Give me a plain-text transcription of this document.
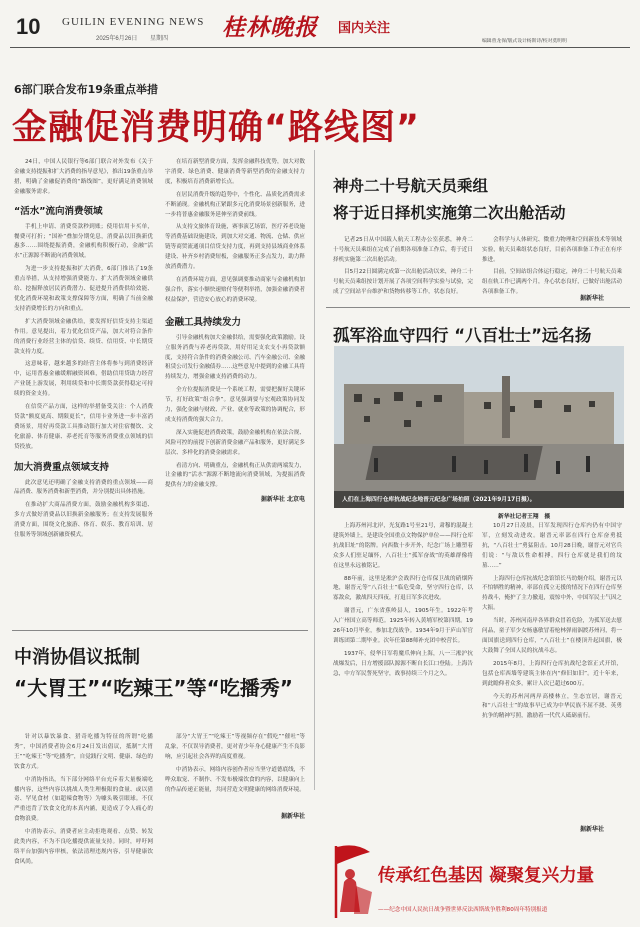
10 GUILIN EVENING NEWS
2025年6月26日 星期四 桂林晚报 国内关注
编辑曾龙保/版式设计杨斯诗/校对莫明明
6部门联合发布19条重点举措
金融促消费明确“路线图”

24日，中国人民银行等6部门联合对外发布《关于金融支持提振和扩大消费的指导意见》，推出19条重点举措，明确了金融促消费的“路线图”，更好满足消费领域金融服务需求。

“活水”流向消费领域

手机上申请、消费贷款秒到账；使用信用卡买单，餐费可打折；“国补”叠加分期免息，消费品以旧换新优惠多……围绕提振消费，金融机构积极行动，金融“活水”正源源不断流向消费领域。

为进一步支持提振和扩大消费，6部门推出了19条重点举措，从支持增强消费能力、扩大消费领域金融供给、挖掘释放居民消费潜力、促进提升消费供给效能、优化消费环境和政策支撑保障等方面，明确了当前金融支持消费增长的方向和重点。

扩大消费领域金融供给，要发挥好信贷支持主渠道作用。意见提出，着力优化信贷产品，加大对符合条件的消费行业经营主体的信贷、续贷、信用贷、中长期贷款支持力度。

这意味着，越来越多的经营主体将参与到消费经济中，运用普惠金融缓解融资困难，借助信用贷助力经营产业链上游发展，利用续贷和中长期贷款获得稳定可持续的资金支持。

在信贷产品方面，这样的举措备受关注：个人消费贷款“额度更高、期限更长”，信用卡业务进一步丰富消费场景，用好再贷款工具推动银行加大对住宿餐饮、文化旅游、体育健康、养老托育等服务消费重点领域的信贷投放。

加大消费重点领域支持

此次意见还明确了金融支持消费的重点领域——商品消费、服务消费和新型消费，并分别提出具体措施。

在推动扩大商品消费方面，鼓励金融机构多渠道、多方式做好消费品以旧换新金融服务；在支持发展服务消费方面，围绕文化旅游、体育、娱乐、教育培训、居住服务等领域创新融资模式。

在培育新型消费方面，发挥金融科技优势，加大对数字消费、绿色消费、健康消费等新型消费的金融支持力度，积极培育消费新增长点。

在居民消费升级的趋势中，个性化、品质化消费需求不断涌现。金融机构正紧跟多元化消费场景创新服务，进一步将普惠金融服务延伸至消费前线。

从支持文旅体育设施，赛事演艺场馆，医疗养老设施等消费基础设施建设，到加大对交通、物流、仓储、供应链等商贸流通项目信贷支持力度，再到支持县域商业体系建设、补齐乡村消费短板，金融服务正多点发力，助力释放消费潜力。

在消费环境方面，意见强调要推动商家与金融机构加强合作，落实小额快速赔付等便利举措，加强金融消费者权益保护，营造安心放心的消费环境。

金融工具持续发力

引导金融机构加大金融供给，需要强化政策激励。设立服务消费与养老再贷款，用好用足支农支小再贷款额度，支持符合条件的消费金融公司、汽车金融公司、金融租赁公司发行金融债券……这些意见中提到的金融工具将持续发力，增强金融支持消费的动力。

全方位提振消费是一个系统工程，需要把握好关键环节，打好政策“组合拳”。意见强调要与宏观政策协同发力，强化金融与财政、产业、就业等政策的协调配合，形成支持消费的强大合力。

深入实施促进消费政策，鼓励金融机构在依法合规、风险可控的前提下创新消费金融产品和服务，更好满足多层次、多样化的消费金融需求。

看清方向、明确重点，金融机构正从供需两端发力，让金融的“活水”源源不断地流向消费领域，为提振消费提供有力的金融支撑。

据新华社 北京电
中消协倡议抵制
“大胃王”“吃辣王”等“吃播秀”

针对以暴饮暴食、猎奇吃播为特征的所谓“吃播秀”，中国消费者协会6月24日发出倡议，抵制“大胃王”“吃辣王”等“吃播秀”，自觉践行文明、健康、绿色的饮食方式。

中消协指出，当下部分网络平台充斥着大量极端吃播内容，这些内容以挑战人类生理极限的食量、或以猎奇、罕见食材（如超辣食物等）为噱头吸引眼球。不仅严重违背了饮食文化的本真内涵，更造成了令人痛心的食物浪费。

中消协表示，消费者应主动拒绝观看、点赞、转发此类内容，不为不良吃播提供流量支持。同时，呼吁网络平台加强内容审核，依法清理违规内容，引导健康饮食风尚。

部分“大胃王”“吃辣王”等视频存在“假吃”“催吐”等乱象，不仅误导消费者，更对青少年身心健康产生不良影响，应引起社会各界的高度重视。

中消协表示，网络内容创作者应当坚守道德底线，不哗众取宠、不制作、不发布极端饮食的内容，以健康向上的作品传递正能量，共同营造文明健康的网络消费环境。

据新华社
神舟二十号航天员乘组
将于近日择机实施第二次出舱活动

记者25日从中国载人航天工程办公室获悉，神舟二十号航天员乘组在完成了前期各项准备工作后，将于近日择机实施第二次出舱活动。

目5月22日圆满完成第一次出舱活动以来，神舟二十号航天员乘组按计划开展了各项空间科学实验与试验，完成了空间站平台维护和货物转移等工作，状态良好。

会科学与人体研究、微重力物理和空间新技术等领域实验，航天员乘组状态良好，目前各项准备工作正在有序推进。

目前，空间站组合体运行稳定，神舟二十号航天员乘组在轨工作已满两个月，身心状态良好，已做好出舱活动各项准备工作。

据新华社
孤军浴血守四行 “八百壮士”远名扬
人们在上海四行仓库抗战纪念地晋元纪念广场拍照（2021年9月17日摄）。
新华社记者王翔　摄

上海苏州河北岸，光复路1号至21号，肃穆的混凝土建筑外墙上，是建设全国重点文物保护单位——四行仓库抗战旧址“的铭牌。向西数十步开外，纪念广场上雕塑着众多人们驻足缅怀，八百壮士“孤军奋战”的英雄群像将在这里永远被铭记。

88年前，这里是淞沪会战四行仓库保卫战的硝烟阵地，谢晋元等“八百壮士”临危受命，坚守四行仓库，以寡敌众，激战四天四夜，打退日军多次进攻。

谢晋元，广东省蕉岭县人，1905年生。1922年考入广州国立高等师范。1925年转入黄埔军校第四期。1926年10月毕业，参加北伐战争。1934年9月于庐山军官训练团第二期毕业。次年任第88师补充团中校营长。

1937年，侵华日军将魔爪伸向上海，八一三淞沪抗战爆发后，日方增援部队源源不断自长江口登陆。上海告急，中方军民誓死坚守，战事持续三个月之久。

10月27日凌晨，日军发现四行仓库内仍有中国守军，立刻发动进攻。谢晋元率部在四行仓库奋勇抵抗，“八百壮士”勇猛阻击。10月28日晚，谢晋元对官兵们说：“与敌以性命相搏，四行仓库就是我们的坟墓……”

上海四行仓库抗战纪念馆馆长马幼炯介绍，谢晋元以不怕牺牲的精神，率部在孤立无援的情况下在四行仓库坚持战斗，掩护了主力撤退，震惊中外，中国军民士气因之大振。

当时，苏州河南岸各界群众冒着危险，为孤军送去慰问品，童子军少女杨惠敏冒着枪林弹雨泅渡苏州河，将一面国旗送到四行仓库，“八百壮士”在楼顶升起国旗，极大鼓舞了全国人民的抗战斗志。

2015年8月，上海四行仓库抗战纪念馆正式开馆，包括仓库西墙等建筑主体在内“修旧如旧”。近十年来，到此瞻仰者众多，累计人次已超过600万。

今天的苏州河两岸高楼林立，生态宜居，谢晋元和“八百壮士”的故事早已成为中华民族不屈不挠、英勇抗争的精神写照，激励着一代代人砥砺前行。

据新华社
传承红色基因 凝聚复兴力量
——纪念中国人民抗日战争暨世界反法西斯战争胜利80周年特别报道
